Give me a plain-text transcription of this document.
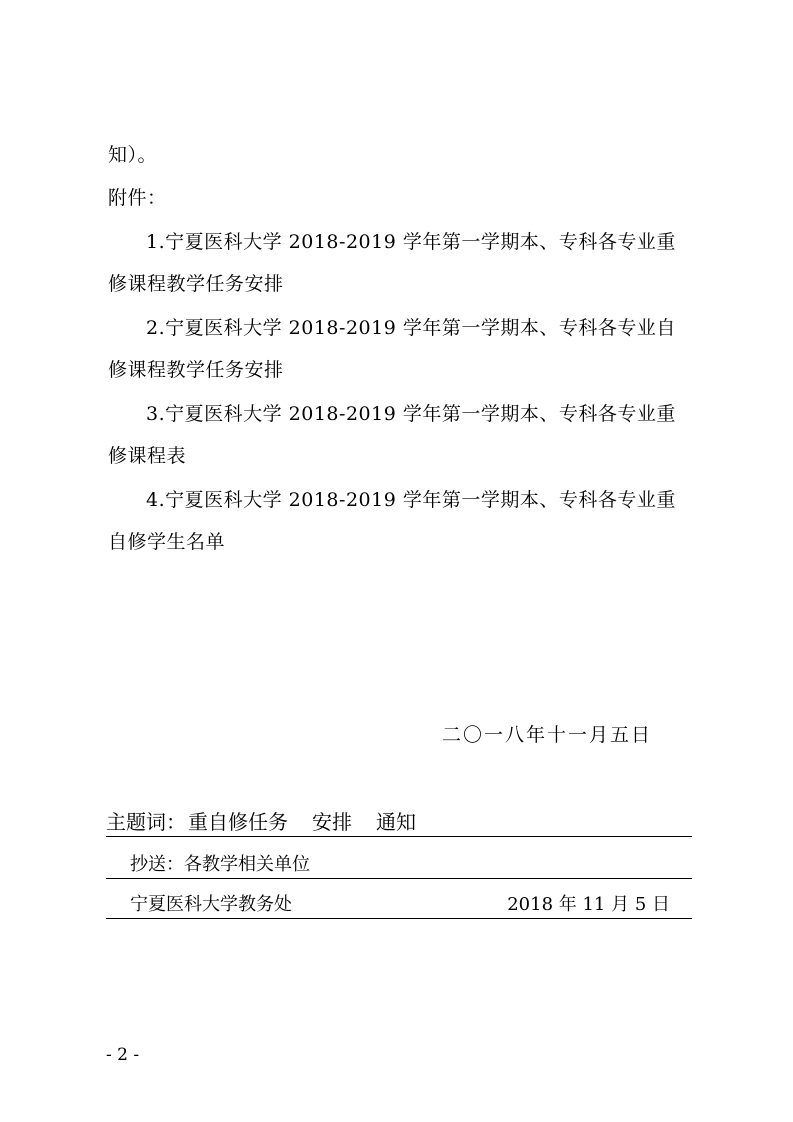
知）。
附件：
1.宁夏医科大学 2018-2019 学年第一学期本、专科各专业重
修课程教学任务安排
2.宁夏医科大学 2018-2019 学年第一学期本、专科各专业自
修课程教学任务安排
3.宁夏医科大学 2018-2019 学年第一学期本、专科各专业重
修课程表
4.宁夏医科大学 2018-2019 学年第一学期本、专科各专业重
自修学生名单
二〇一八年十一月五日
主题词： 重自修任务 安排 通知
抄送：各教学相关单位
宁夏医科大学教务处	2018 年 11 月 5 日
- 2 -
